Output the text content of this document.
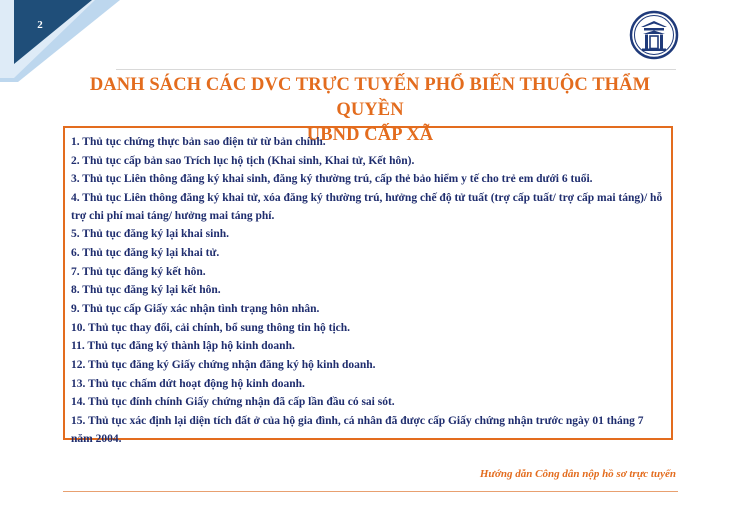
2
DANH SÁCH CÁC DVC TRỰC TUYẾN PHỔ BIẾN THUỘC THẨM QUYỀN
UBND CẤP XÃ
1. Thủ tục chứng thực bản sao điện tử từ bản chính.
2. Thủ tục cấp bản sao Trích lục hộ tịch (Khai sinh, Khai tử, Kết hôn).
3. Thủ tục Liên thông đăng ký khai sinh, đăng ký thường trú, cấp thẻ bảo hiểm y tế cho trẻ em dưới 6 tuổi.
4. Thủ tục Liên thông đăng ký khai tử, xóa đăng ký thường trú, hưởng chế độ tử tuất (trợ cấp tuất/ trợ cấp mai táng)/ hỗ trợ chi phí mai táng/ hưởng mai táng phí.
5. Thủ tục đăng ký lại khai sinh.
6. Thủ tục đăng ký lại khai tử.
7. Thủ tục đăng ký kết hôn.
8. Thủ tục đăng ký lại kết hôn.
9. Thủ tục cấp Giấy xác nhận tình trạng hôn nhân.
10. Thủ tục thay đổi, cải chính, bổ sung thông tin hộ tịch.
11. Thủ tục đăng ký thành lập hộ kinh doanh.
12. Thủ tục đăng ký Giấy chứng nhận đăng ký hộ kinh doanh.
13. Thủ tục chấm dứt hoạt động hộ kinh doanh.
14. Thủ tục đính chính Giấy chứng nhận đã cấp lần đầu có sai sót.
15. Thủ tục xác định lại diện tích đất ở của hộ gia đình, cá nhân đã được cấp Giấy chứng nhận trước ngày 01 tháng 7 năm 2004.
Hướng dẫn Công dân nộp hồ sơ trực tuyến
